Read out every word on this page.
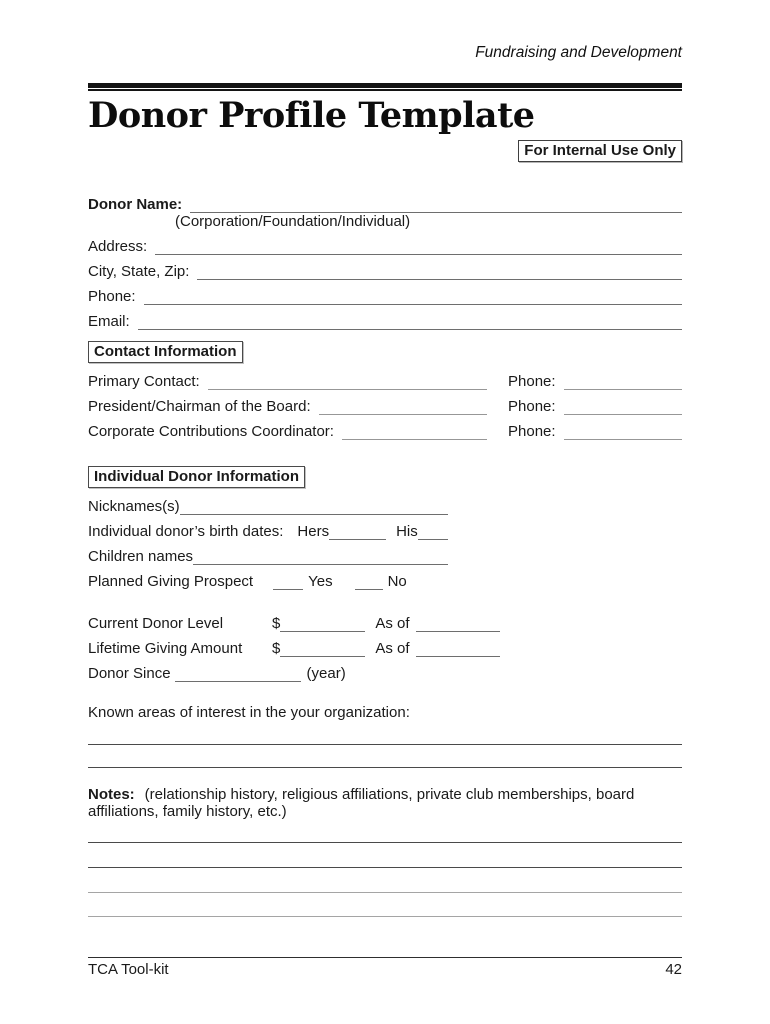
Fundraising and Development
Donor Profile Template
For Internal Use Only
Donor Name:
(Corporation/Foundation/Individual)
Address:
City, State, Zip:
Phone:
Email:
Contact Information
Primary Contact:	Phone:
President/Chairman of the Board:	Phone:
Corporate Contributions Coordinator:	Phone:
Individual Donor Information
Nicknames(s)
Individual donor’s birth dates: Hers	His
Children names
Planned Giving Prospect	Yes	No
Current Donor Level	$	As of
Lifetime Giving Amount	$	As of
Donor Since	(year)
Known areas of interest in the your organization:
Notes: (relationship history, religious affiliations, private club memberships, board affiliations, family history, etc.)
TCA Tool-kit	42
